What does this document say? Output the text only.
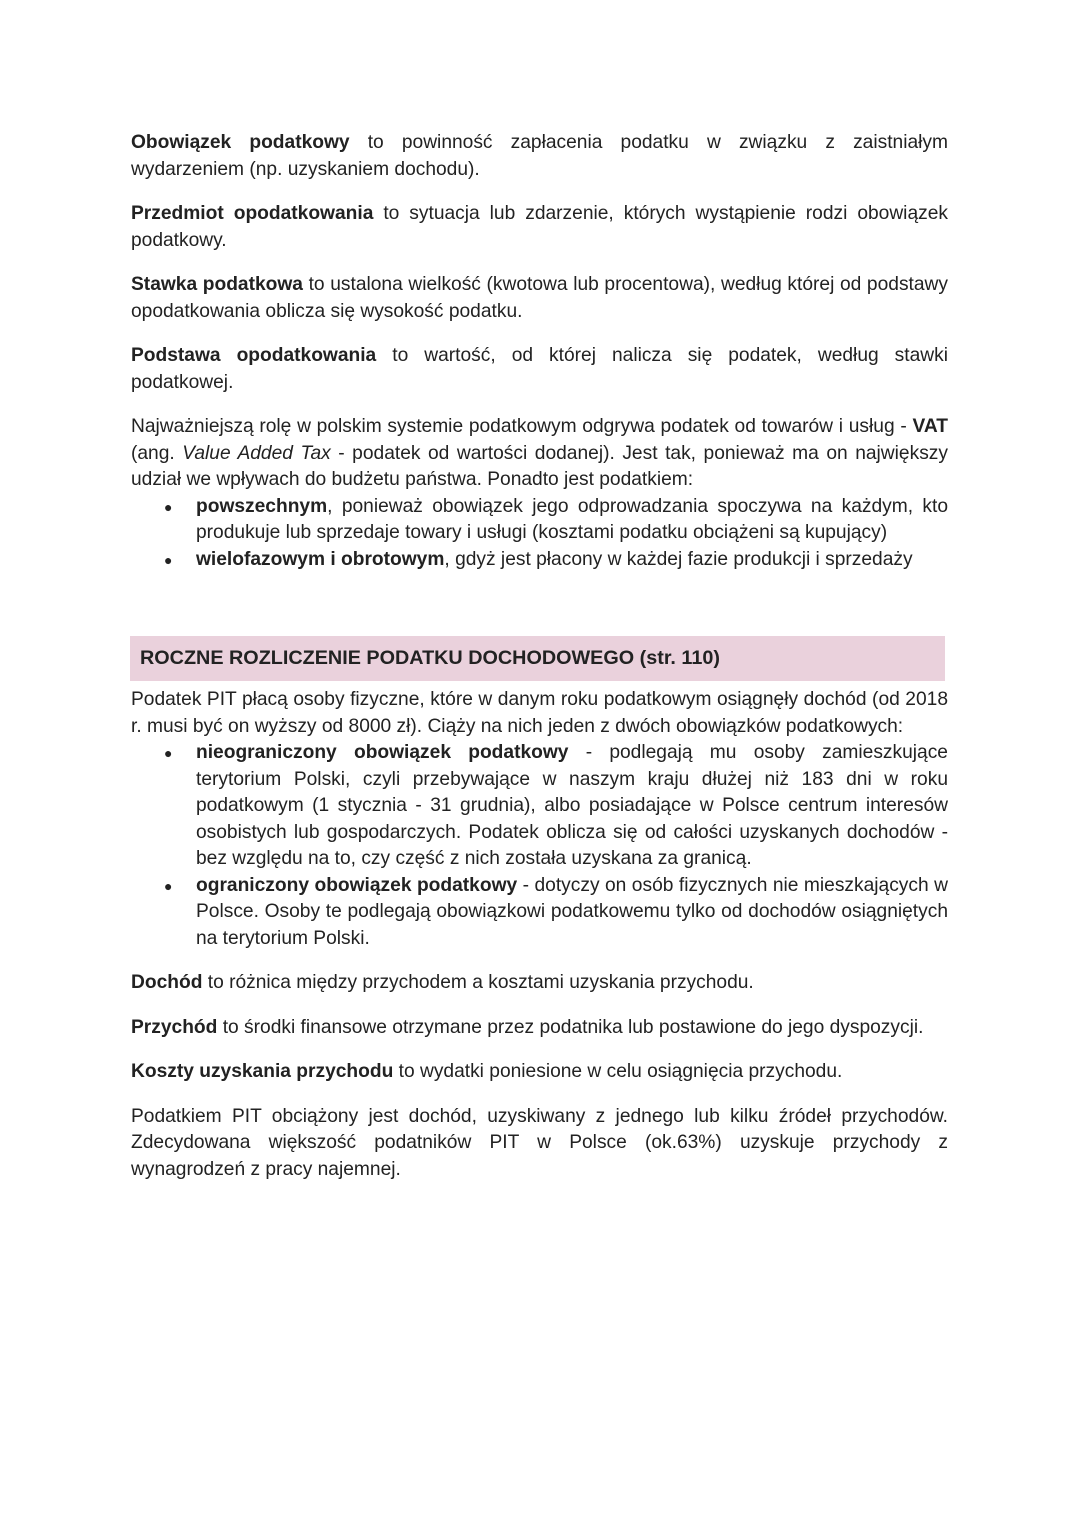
Obowiązek podatkowy to powinność zapłacenia podatku w związku z zaistniałym wydarzeniem (np. uzyskaniem dochodu).

Przedmiot opodatkowania to sytuacja lub zdarzenie, których wystąpienie rodzi obowiązek podatkowy.

Stawka podatkowa to ustalona wielkość (kwotowa lub procentowa), według której od podstawy opodatkowania oblicza się wysokość podatku.

Podstawa opodatkowania to wartość, od której nalicza się podatek, według stawki podatkowej.

Najważniejszą rolę w polskim systemie podatkowym odgrywa podatek od towarów i usług - VAT (ang. Value Added Tax - podatek od wartości dodanej). Jest tak, ponieważ ma on największy udział we wpływach do budżetu państwa. Ponadto jest podatkiem:

● powszechnym, ponieważ obowiązek jego odprowadzania spoczywa na każdym, kto produkuje lub sprzedaje towary i usługi (kosztami podatku obciążeni są kupujący)
● wielofazowym i obrotowym, gdyż jest płacony w każdej fazie produkcji i sprzedaży
ROCZNE ROZLICZENIE PODATKU DOCHODOWEGO (str. 110)

Podatek PIT płacą osoby fizyczne, które w danym roku podatkowym osiągnęły dochód (od 2018 r. musi być on wyższy od 8000 zł). Ciąży na nich jeden z dwóch obowiązków podatkowych:

● nieograniczony obowiązek podatkowy - podlegają mu osoby zamieszkujące terytorium Polski, czyli przebywające w naszym kraju dłużej niż 183 dni w roku podatkowym (1 stycznia - 31 grudnia), albo posiadające w Polsce centrum interesów osobistych lub gospodarczych. Podatek oblicza się od całości uzyskanych dochodów - bez względu na to, czy część z nich została uzyskana za granicą.
● ograniczony obowiązek podatkowy - dotyczy on osób fizycznych nie mieszkających w Polsce. Osoby te podlegają obowiązkowi podatkowemu tylko od dochodów osiągniętych na terytorium Polski.

Dochód to różnica między przychodem a kosztami uzyskania przychodu.

Przychód to środki finansowe otrzymane przez podatnika lub postawione do jego dyspozycji.

Koszty uzyskania przychodu to wydatki poniesione w celu osiągnięcia przychodu.

Podatkiem PIT obciążony jest dochód, uzyskiwany z jednego lub kilku źródeł przychodów. Zdecydowana większość podatników PIT w Polsce (ok.63%) uzyskuje przychody z wynagrodzeń z pracy najemnej.
